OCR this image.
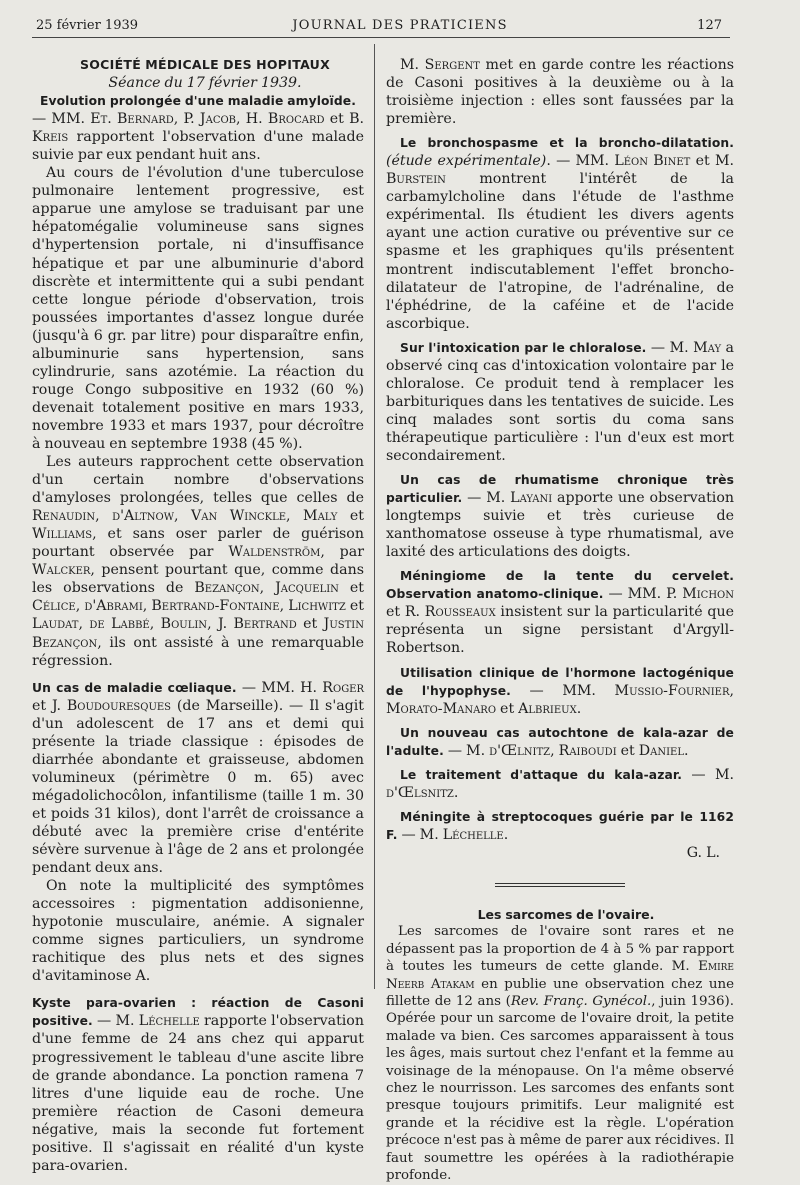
25 février 1939	JOURNAL DES PRATICIENS	127

SOCIÉTÉ MÉDICALE DES HOPITAUX

Séance du 17 février 1939.

Evolution prolongée d'une maladie amyloïde.

— MM. Et. Bernard, P. Jacob, H. Brocard et B. Kreis rapportent l'observation d'une malade suivie par eux pendant huit ans.

Au cours de l'évolution d'une tuberculose pulmonaire lentement progressive, est apparue une amylose se traduisant par une hépatomégalie volumineuse sans signes d'hypertension portale, ni d'insuffisance hépatique et par une albuminurie d'abord discrète et intermittente qui a subi pendant cette longue période d'observation, trois poussées importantes d'assez longue durée (jusqu'à 6 gr. par litre) pour disparaître enfin, albuminurie sans hypertension, sans cylindrurie, sans azotémie. La réaction du rouge Congo subpositive en 1932 (60 %) devenait totalement positive en mars 1933, novembre 1933 et mars 1937, pour décroître à nouveau en septembre 1938 (45 %).

Les auteurs rapprochent cette observation d'un certain nombre d'observations d'amyloses prolongées, telles que celles de Renaudin, d'Altnow, Van Winckle, Maly et Williams, et sans oser parler de guérison pourtant observée par Waldenström, par Walcker, pensent pourtant que, comme dans les observations de Bezançon, Jacquelin et Célice, d'Abrami, Bertrand-Fontaine, Lichwitz et Laudat, de Labbé, Boulin, J. Bertrand et Justin Bezançon, ils ont assisté à une remarquable régression.

Un cas de maladie cœliaque. — MM. H. Roger et J. Boudouresques (de Marseille). — Il s'agit d'un adolescent de 17 ans et demi qui présente la triade classique : épisodes de diarrhée abondante et graisseuse, abdomen volumineux (périmètre 0 m. 65) avec mégadolichocôlon, infantilisme (taille 1 m. 30 et poids 31 kilos), dont l'arrêt de croissance a débuté avec la première crise d'entérite sévère survenue à l'âge de 2 ans et prolongée pendant deux ans.

On note la multiplicité des symptômes accessoires : pigmentation addisonienne, hypotonie musculaire, anémie. A signaler comme signes particuliers, un syndrome rachitique des plus nets et des signes d'avitaminose A.

Kyste para-ovarien : réaction de Casoni positive. — M. Léchelle rapporte l'observation d'une femme de 24 ans chez qui apparut progressivement le tableau d'une ascite libre de grande abondance. La ponction ramena 7 litres d'une liquide eau de roche. Une première réaction de Casoni demeura négative, mais la seconde fut fortement positive. Il s'agissait en réalité d'un kyste para-ovarien.

M. Sergent met en garde contre les réactions de Casoni positives à la deuxième ou à la troisième injection : elles sont faussées par la première.

Le bronchospasme et la broncho-dilatation. (étude expérimentale). — MM. Léon Binet et M. Burstein montrent l'intérêt de la carbamylcholine dans l'étude de l'asthme expérimental. Ils étudient les divers agents ayant une action curative ou préventive sur ce spasme et les graphiques qu'ils présentent montrent indiscutablement l'effet broncho-dilatateur de l'atropine, de l'adrénaline, de l'éphédrine, de la caféine et de l'acide ascorbique.

Sur l'intoxication par le chloralose. — M. May a observé cinq cas d'intoxication volontaire par le chloralose. Ce produit tend à remplacer les barbituriques dans les tentatives de suicide. Les cinq malades sont sortis du coma sans thérapeutique particulière : l'un d'eux est mort secondairement.

Un cas de rhumatisme chronique très particulier. — M. Layani apporte une observation longtemps suivie et très curieuse de xanthomatose osseuse à type rhumatismal, ave laxité des articulations des doigts.

Méningiome de la tente du cervelet. Observation anatomo-clinique. — MM. P. Michon et R. Rousseaux insistent sur la particularité que représenta un signe persistant d'Argyll-Robertson.

Utilisation clinique de l'hormone lactogénique de l'hypophyse. — MM. Mussio-Fournier, Morato-Manaro et Albrieux.

Un nouveau cas autochtone de kala-azar de l'adulte. — M. d'Œlnitz, Raiboudi et Daniel.

Le traitement d'attaque du kala-azar. — M. d'Œlsnitz.

Méningite à streptocoques guérie par le 1162 F. — M. Léchelle.

G. L.

Les sarcomes de l'ovaire.

Les sarcomes de l'ovaire sont rares et ne dépassent pas la proportion de 4 à 5 % par rapport à toutes les tumeurs de cette glande. M. Emire Neerb Atakam en publie une observation chez une fillette de 12 ans (Rev. Franç. Gynécol., juin 1936). Opérée pour un sarcome de l'ovaire droit, la petite malade va bien. Ces sarcomes apparaissent à tous les âges, mais surtout chez l'enfant et la femme au voisinage de la ménopause. On l'a même observé chez le nourrisson. Les sarcomes des enfants sont presque toujours primitifs. Leur malignité est grande et la récidive est la règle. L'opération précoce n'est pas à même de parer aux récidives. Il faut soumettre les opérées à la radiothérapie profonde.
